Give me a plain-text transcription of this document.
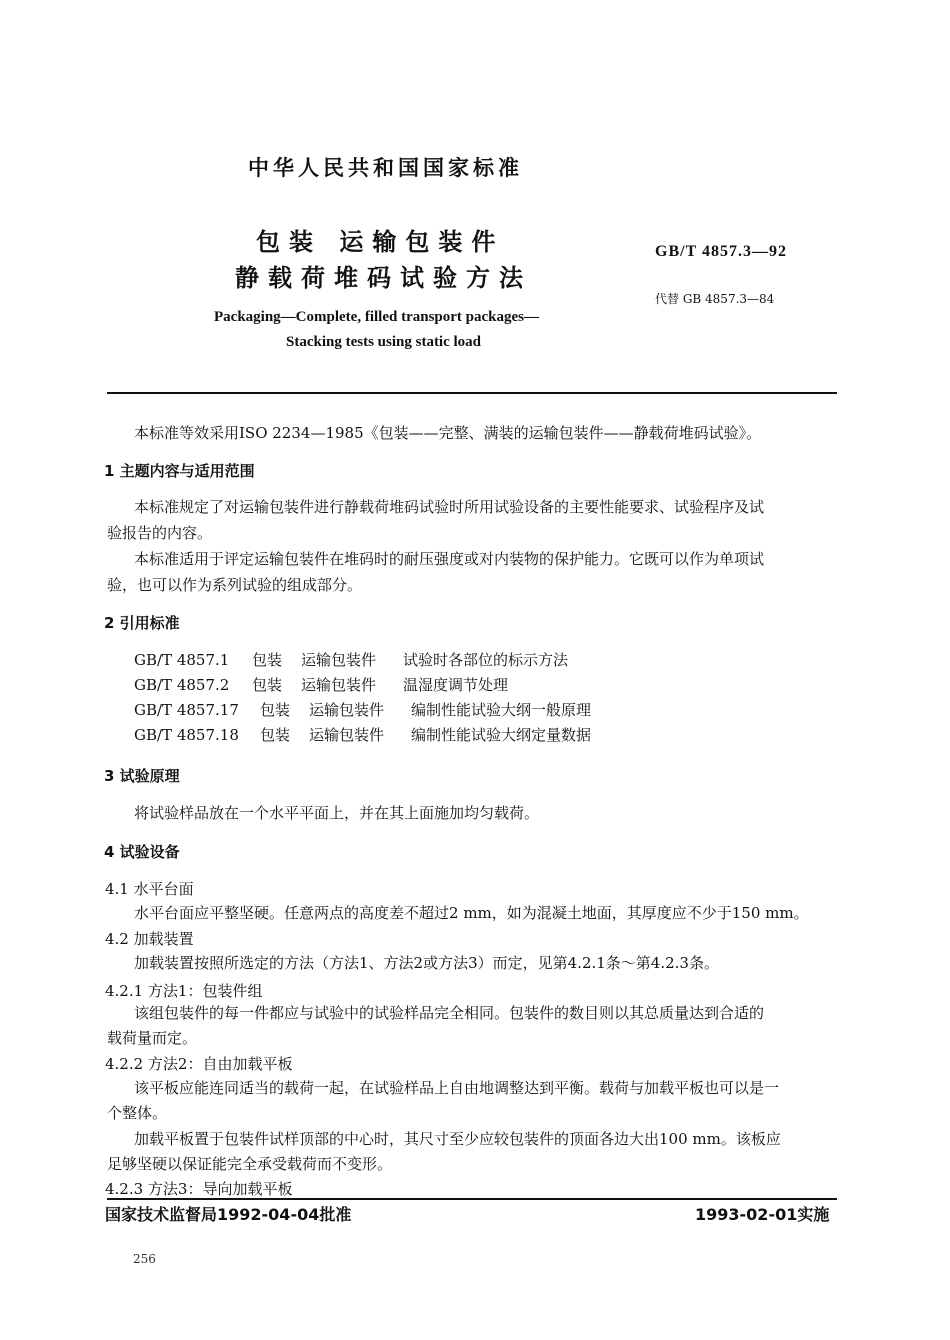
中华人民共和国国家标准
包装 运输包装件
静载荷堆码试验方法
GB/T 4857.3—92
代替 GB 4857.3—84
Packaging—Complete, filled transport packages—
Stacking tests using static load
本标准等效采用ISO 2234—1985《包装——完整、满装的运输包装件——静载荷堆码试验》。
1 主题内容与适用范围
本标准规定了对运输包装件进行静载荷堆码试验时所用试验设备的主要性能要求、试验程序及试
验报告的内容。
本标准适用于评定运输包装件在堆码时的耐压强度或对内装物的保护能力。它既可以作为单项试
验，也可以作为系列试验的组成部分。
2 引用标准
GB/T 4857.1 包装 运输包装件 试验时各部位的标示方法
GB/T 4857.2 包装 运输包装件 温湿度调节处理
GB/T 4857.17 包装 运输包装件 编制性能试验大纲一般原理
GB/T 4857.18 包装 运输包装件 编制性能试验大纲定量数据
3 试验原理
将试验样品放在一个水平平面上，并在其上面施加均匀载荷。
4 试验设备
4.1 水平台面
水平台面应平整坚硬。任意两点的高度差不超过2 mm，如为混凝土地面，其厚度应不少于150 mm。
4.2 加载装置
加载装置按照所选定的方法（方法1、方法2或方法3）而定，见第4.2.1条～第4.2.3条。
4.2.1 方法1：包装件组
该组包装件的每一件都应与试验中的试验样品完全相同。包装件的数目则以其总质量达到合适的
载荷量而定。
4.2.2 方法2：自由加载平板
该平板应能连同适当的载荷一起，在试验样品上自由地调整达到平衡。载荷与加载平板也可以是一
个整体。
加载平板置于包装件试样顶部的中心时，其尺寸至少应较包装件的顶面各边大出100 mm。该板应
足够坚硬以保证能完全承受载荷而不变形。
4.2.3 方法3：导向加载平板
国家技术监督局1992-04-04批准	1993-02-01实施
256
